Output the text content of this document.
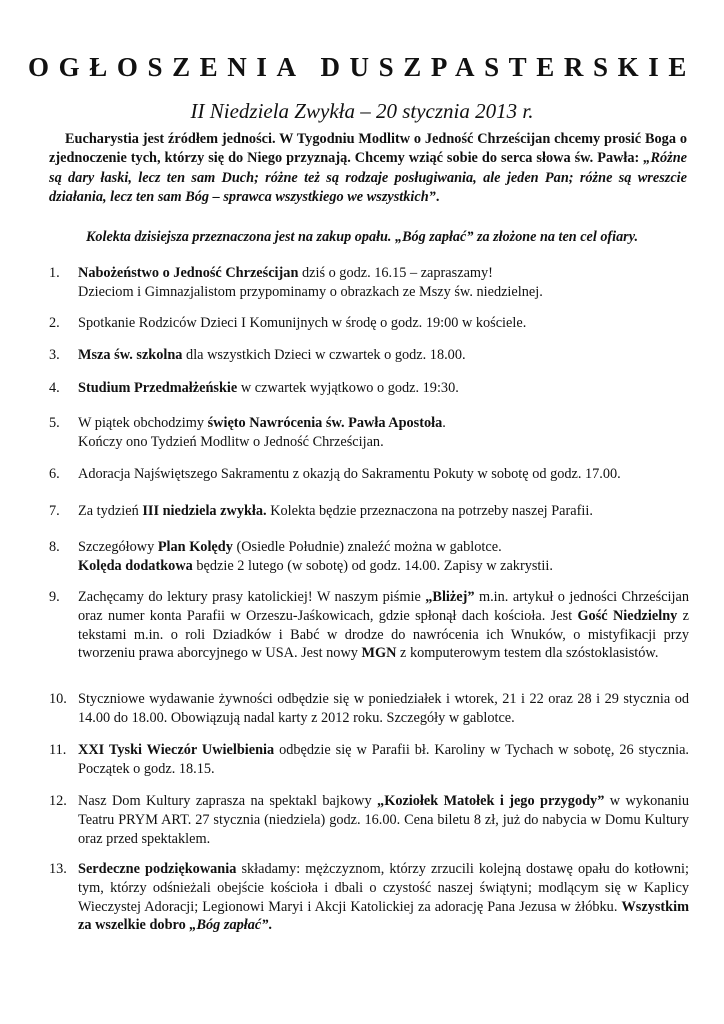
OGŁOSZENIA DUSZPASTERSKIE
II Niedziela Zwykła – 20 stycznia 2013 r.
Eucharystia jest źródłem jedności. W Tygodniu Modlitw o Jedność Chrześcijan chcemy prosić Boga o zjednoczenie tych, którzy się do Niego przyznają. Chcemy wziąć sobie do serca słowa św. Pawła: „Różne są dary łaski, lecz ten sam Duch; różne też są rodzaje posługiwania, ale jeden Pan; różne są wreszcie działania, lecz ten sam Bóg – sprawca wszystkiego we wszystkich”.
Kolekta dzisiejsza przeznaczona jest na zakup opału. „Bóg zapłać” za złożone na ten cel ofiary.
1.	Nabożeństwo o Jedność Chrześcijan dziś o godz. 16.15 – zapraszamy!
Dzieciom i Gimnazjalistom przypominamy o obrazkach ze Mszy św. niedzielnej.
2.	Spotkanie Rodziców Dzieci I Komunijnych w środę o godz. 19:00 w kościele.
3.	Msza św. szkolna dla wszystkich Dzieci w czwartek o godz. 18.00.
4.	Studium Przedmałżeńskie w czwartek wyjątkowo o godz. 19:30.
5.	W piątek obchodzimy święto Nawrócenia św. Pawła Apostoła.
Kończy ono Tydzień Modlitw o Jedność Chrześcijan.
6.	Adoracja Najświętszego Sakramentu z okazją do Sakramentu Pokuty w sobotę od godz. 17.00.
7.	Za tydzień III niedziela zwykła. Kolekta będzie przeznaczona na potrzeby naszej Parafii.
8.	Szczegółowy Plan Kolędy (Osiedle Południe) znaleźć można w gablotce.
Kolęda dodatkowa będzie 2 lutego (w sobotę) od godz. 14.00. Zapisy w zakrystii.
9.	Zachęcamy do lektury prasy katolickiej! W naszym piśmie „Bliżej” m.in. artykuł o jedności Chrześcijan oraz numer konta Parafii w Orzeszu-Jaśkowicach, gdzie spłonął dach kościoła. Jest Gość Niedzielny z tekstami m.in. o roli Dziadków i Babć w drodze do nawrócenia ich Wnuków, o mistyfikacji przy tworzeniu prawa aborcyjnego w USA. Jest nowy MGN z komputerowym testem dla szóstoklasistów.
10. Styczniowe wydawanie żywności odbędzie się w poniedziałek i wtorek, 21 i 22 oraz 28 i 29 stycznia od 14.00 do 18.00. Obowiązują nadal karty z 2012 roku. Szczegóły w gablotce.
11. XXI Tyski Wieczór Uwielbienia odbędzie się w Parafii bł. Karoliny w Tychach w sobotę, 26 stycznia. Początek o godz. 18.15.
12. Nasz Dom Kultury zaprasza na spektakl bajkowy „Koziołek Matołek i jego przygody” w wykonaniu Teatru PRYM ART. 27 stycznia (niedziela) godz. 16.00. Cena biletu 8 zł, już do nabycia w Domu Kultury oraz przed spektaklem.
13. Serdeczne podziękowania składamy: mężczyznom, którzy zrzucili kolejną dostawę opału do kotłowni; tym, którzy odśnieżali obejście kościoła i dbali o czystość naszej świątyni; modlącym się w Kaplicy Wieczystej Adoracji; Legionowi Maryi i Akcji Katolickiej za adorację Pana Jezusa w żłóbku. Wszystkim za wszelkie dobro „Bóg zapłać”.
